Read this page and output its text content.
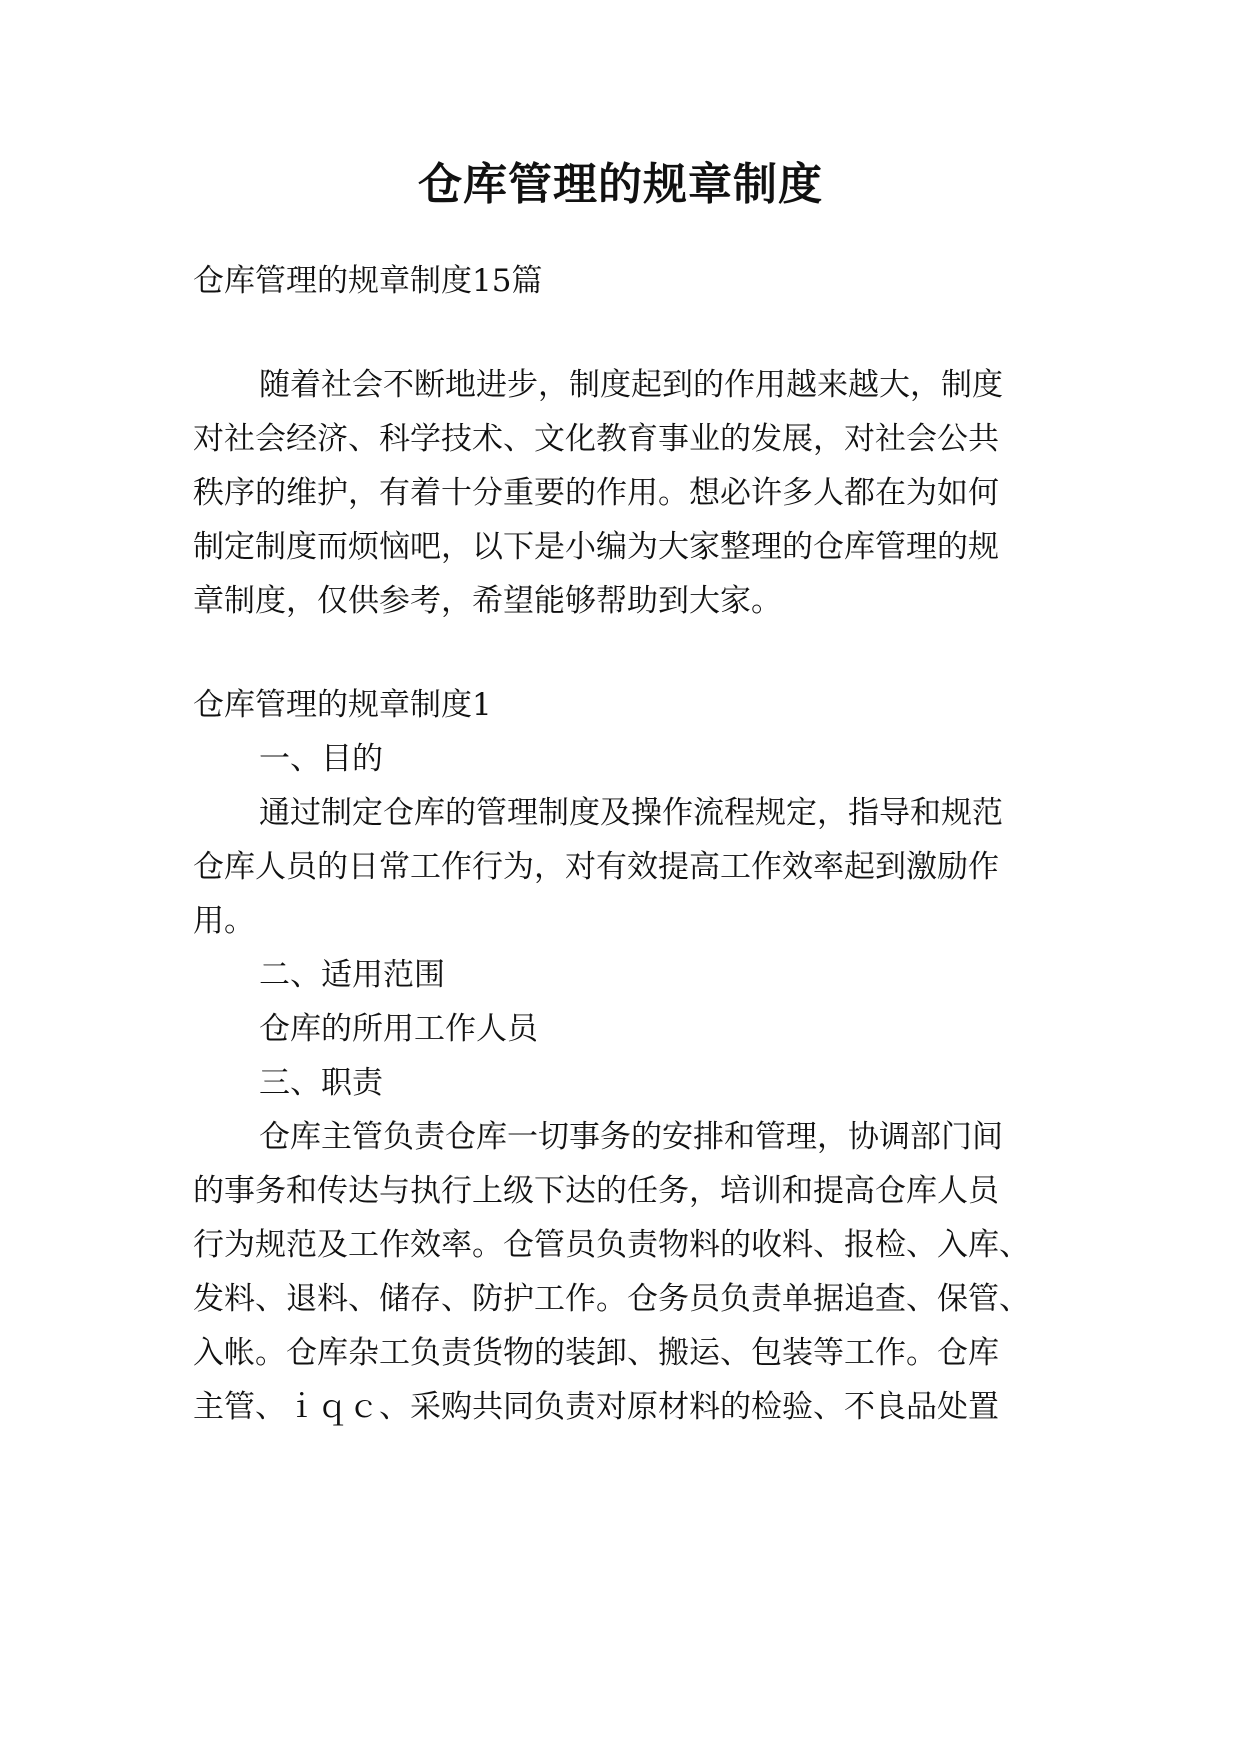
仓库管理的规章制度
仓库管理的规章制度15篇
随着社会不断地进步，制度起到的作用越来越大，制度
对社会经济、科学技术、文化教育事业的发展，对社会公共
秩序的维护，有着十分重要的作用。想必许多人都在为如何
制定制度而烦恼吧，以下是小编为大家整理的仓库管理的规
章制度，仅供参考，希望能够帮助到大家。
仓库管理的规章制度1
一、目的
通过制定仓库的管理制度及操作流程规定，指导和规范
仓库人员的日常工作行为，对有效提高工作效率起到激励作
用。
二、适用范围
仓库的所用工作人员
三、职责
仓库主管负责仓库一切事务的安排和管理，协调部门间
的事务和传达与执行上级下达的任务，培训和提高仓库人员
行为规范及工作效率。仓管员负责物料的收料、报检、入库、
发料、退料、储存、防护工作。仓务员负责单据追查、保管、
入帐。仓库杂工负责货物的装卸、搬运、包装等工作。仓库
主管、ｉｑｃ、采购共同负责对原材料的检验、不良品处置
